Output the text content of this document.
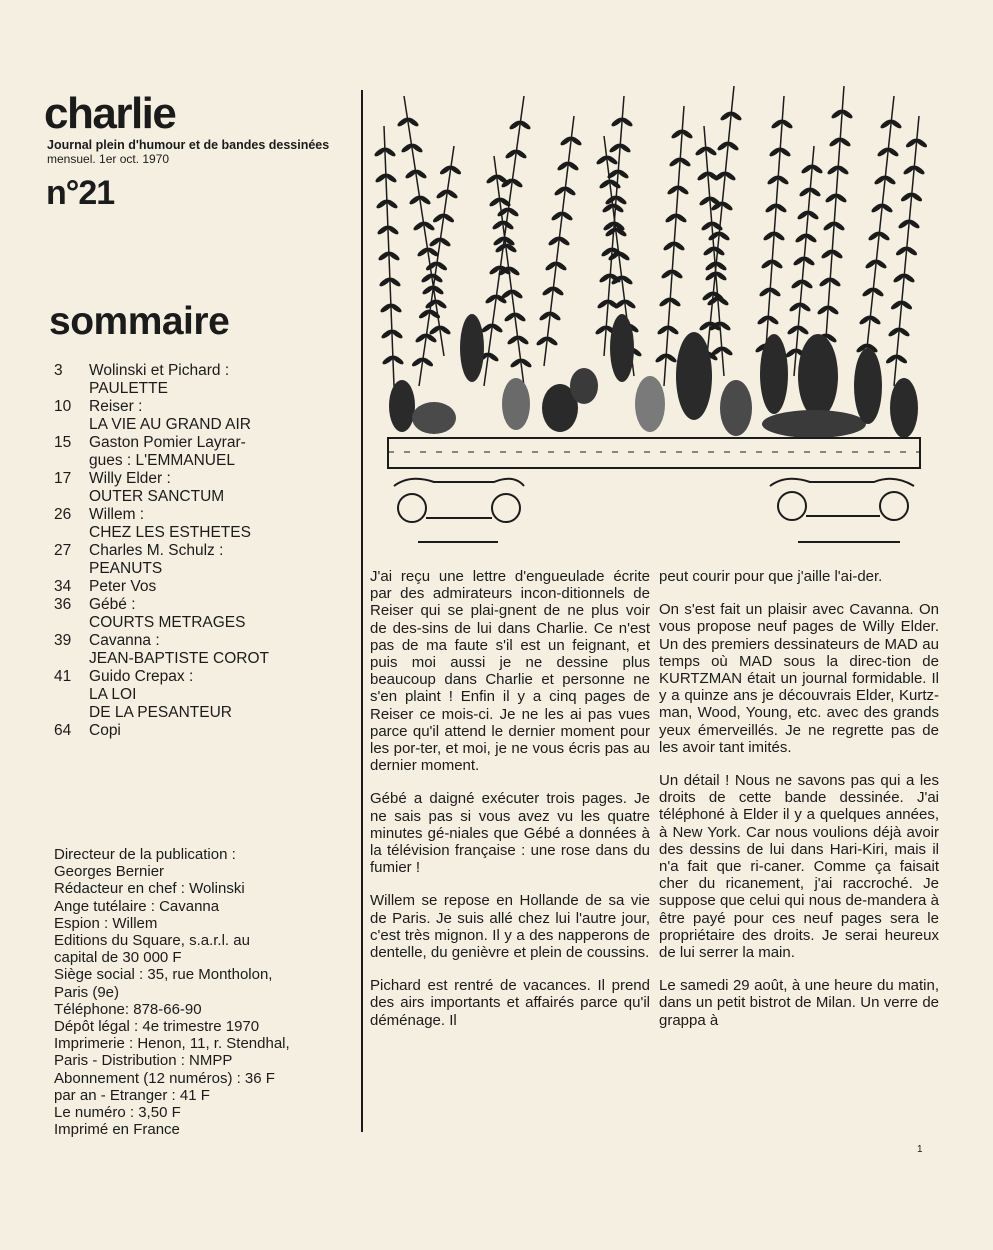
charlie
Journal plein d'humour et de bandes dessinées
mensuel. 1er oct. 1970
n°21
sommaire
3	Wolinski et Pichard :
PAULETTE
10	Reiser :
LA VIE AU GRAND AIR
15	Gaston Pomier Layrar-
gues : L'EMMANUEL
17	Willy Elder :
OUTER SANCTUM
26	Willem :
CHEZ LES ESTHETES
27	Charles M. Schulz :
PEANUTS
34	Peter Vos
36	Gébé :
COURTS METRAGES
39	Cavanna :
JEAN-BAPTISTE COROT
41	Guido Crepax :
LA LOI
DE LA PESANTEUR
64	Copi
Directeur de la publication :
Georges Bernier
Rédacteur en chef : Wolinski
Ange tutélaire : Cavanna
Espion : Willem
Editions du Square, s.a.r.l. au
capital de 30 000 F
Siège social : 35, rue Montholon,
Paris (9e)
Téléphone: 878-66-90
Dépôt légal : 4e trimestre 1970
Imprimerie : Henon, 11, r. Stendhal,
Paris - Distribution : NMPP
Abonnement (12 numéros) : 36 F
par an - Etranger : 41 F
Le numéro : 3,50 F
Imprimé en France

J'ai reçu une lettre d'engueulade écrite par des admirateurs incon-ditionnels de Reiser qui se plai-gnent de ne plus voir de des-sins de lui dans Charlie. Ce n'est pas de ma faute s'il est un feignant, et puis moi aussi je ne dessine plus beaucoup dans Charlie et personne ne s'en plaint ! Enfin il y a cinq pages de Reiser ce mois-ci. Je ne les ai pas vues parce qu'il attend le dernier moment pour les por-ter, et moi, je ne vous écris pas au dernier moment.

Gébé a daigné exécuter trois pages. Je ne sais pas si vous avez vu les quatre minutes gé-niales que Gébé a données à la télévision française : une rose dans du fumier !

Willem se repose en Hollande de sa vie de Paris. Je suis allé chez lui l'autre jour, c'est très mignon. Il y a des napperons de dentelle, du genièvre et plein de coussins.

Pichard est rentré de vacances. Il prend des airs importants et affairés parce qu'il déménage. Il

peut courir pour que j'aille l'ai-der.

On s'est fait un plaisir avec Cavanna. On vous propose neuf pages de Willy Elder. Un des premiers dessinateurs de MAD au temps où MAD sous la direc-tion de KURTZMAN était un journal formidable. Il y a quinze ans je découvrais Elder, Kurtz-man, Wood, Young, etc. avec des grands yeux émerveillés. Je ne regrette pas de les avoir tant imités.

Un détail ! Nous ne savons pas qui a les droits de cette bande dessinée. J'ai téléphoné à Elder il y a quelques années, à New York. Car nous voulions déjà avoir des dessins de lui dans Hari-Kiri, mais il n'a fait que ri-caner. Comme ça faisait cher du ricanement, j'ai raccroché. Je suppose que celui qui nous de-mandera à être payé pour ces neuf pages sera le propriétaire des droits. Je serai heureux de lui serrer la main.

Le samedi 29 août, à une heure du matin, dans un petit bistrot de Milan. Un verre de grappa à

1
